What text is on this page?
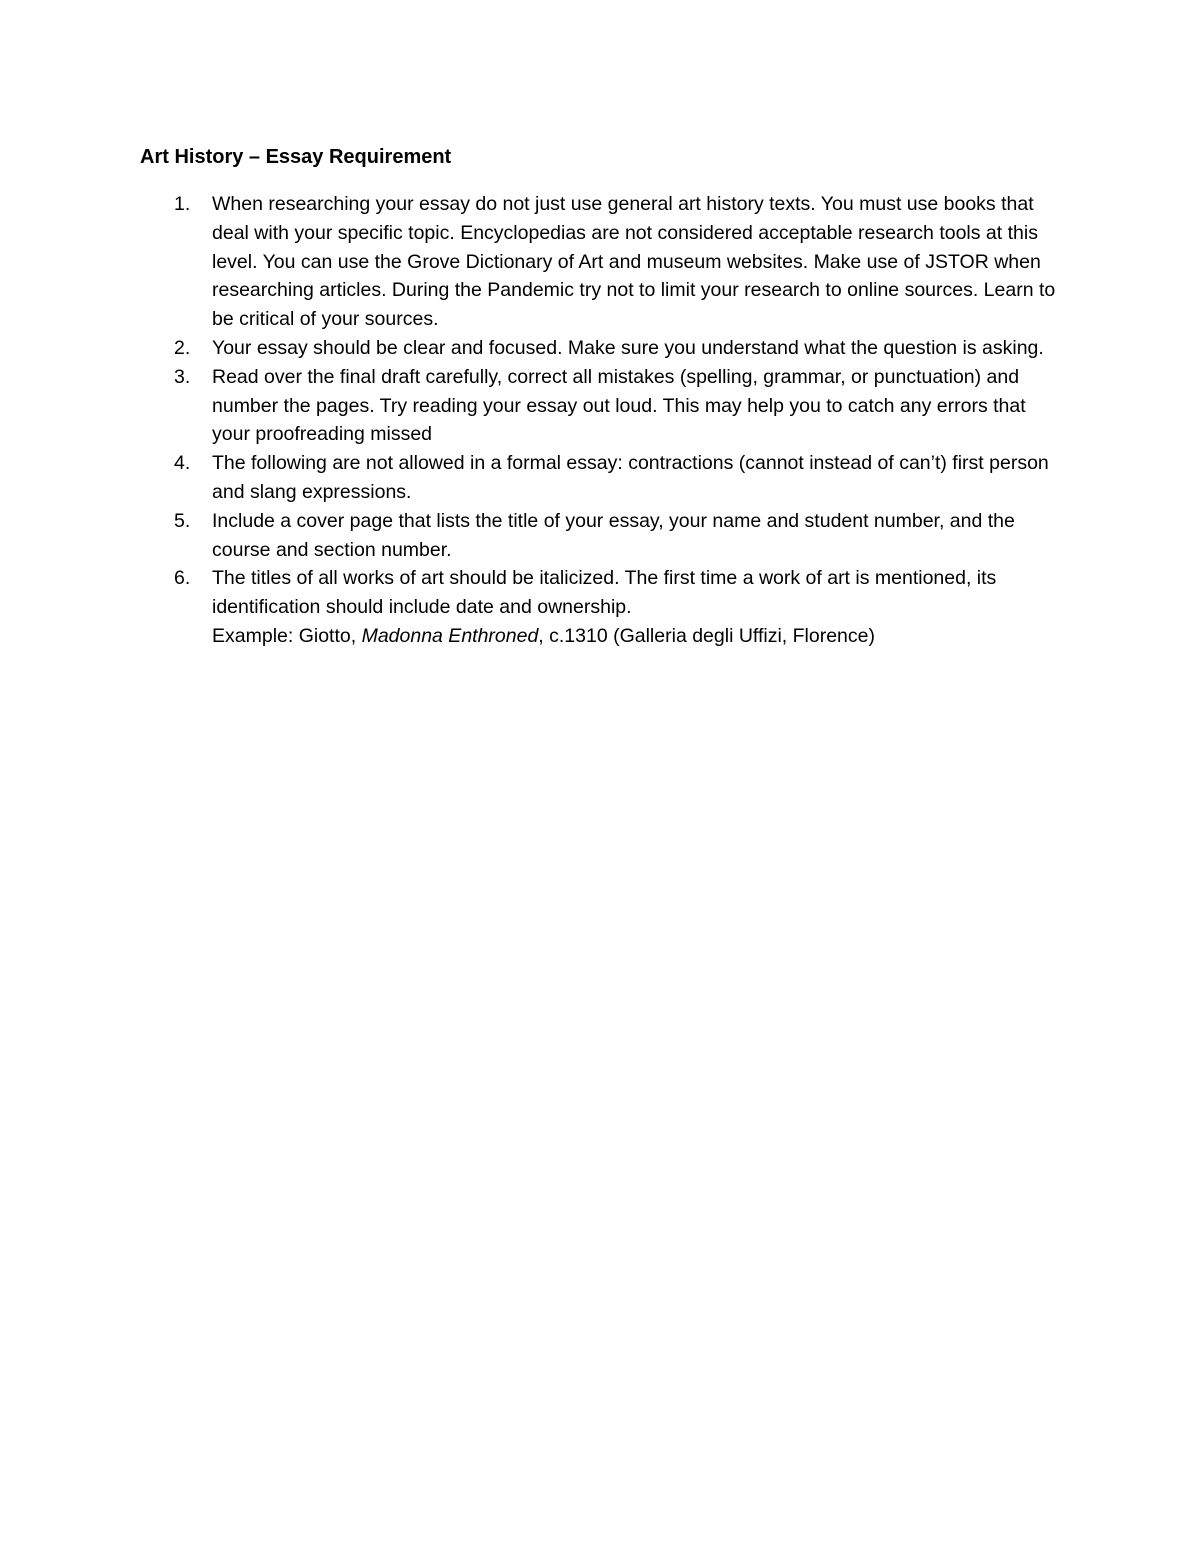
Art History – Essay Requirement
1. When researching your essay do not just use general art history texts. You must use books that deal with your specific topic. Encyclopedias are not considered acceptable research tools at this level. You can use the Grove Dictionary of Art and museum websites. Make use of JSTOR when researching articles. During the Pandemic try not to limit your research to online sources. Learn to be critical of your sources.
2. Your essay should be clear and focused. Make sure you understand what the question is asking.
3. Read over the final draft carefully, correct all mistakes (spelling, grammar, or punctuation) and number the pages. Try reading your essay out loud. This may help you to catch any errors that your proofreading missed
4. The following are not allowed in a formal essay: contractions (cannot instead of can’t) first person and slang expressions.
5. Include a cover page that lists the title of your essay, your name and student number, and the course and section number.
6. The titles of all works of art should be italicized. The first time a work of art is mentioned, its identification should include date and ownership.
Example: Giotto, Madonna Enthroned, c.1310 (Galleria degli Uffizi, Florence)
